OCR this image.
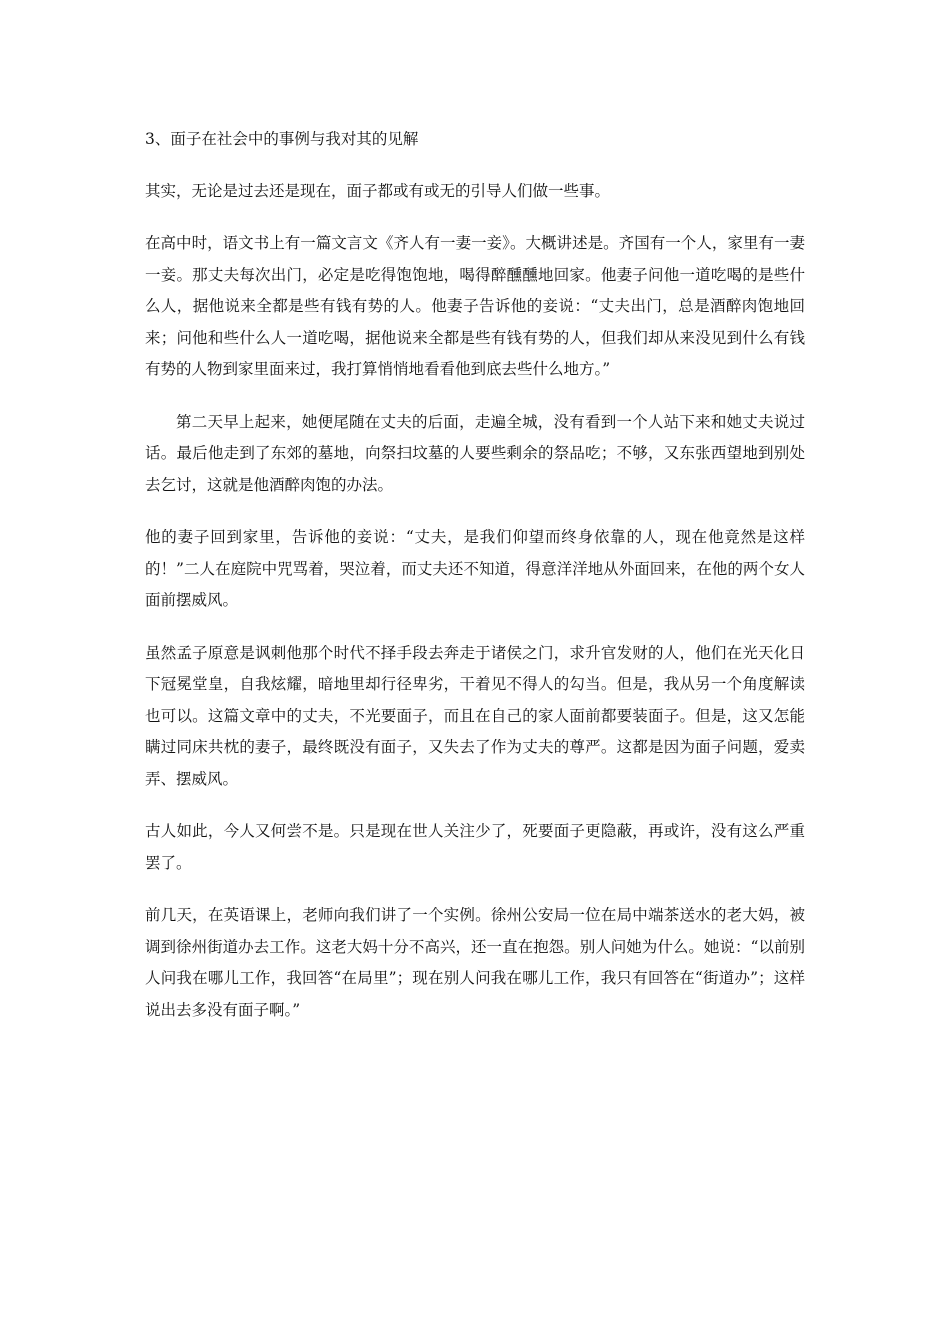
3、面子在社会中的事例与我对其的见解

其实，无论是过去还是现在，面子都或有或无的引导人们做一些事。

在高中时，语文书上有一篇文言文《齐人有一妻一妾》。大概讲述是。齐国有一个人，家里有一妻一妾。那丈夫每次出门，必定是吃得饱饱地，喝得醉醺醺地回家。他妻子问他一道吃喝的是些什么人，据他说来全都是些有钱有势的人。他妻子告诉他的妾说：“丈夫出门，总是酒醉肉饱地回来；问他和些什么人一道吃喝，据他说来全都是些有钱有势的人，但我们却从来没见到什么有钱有势的人物到家里面来过，我打算悄悄地看看他到底去些什么地方。”

第二天早上起来，她便尾随在丈夫的后面，走遍全城，没有看到一个人站下来和她丈夫说过话。最后他走到了东郊的墓地，向祭扫坟墓的人要些剩余的祭品吃；不够，又东张西望地到别处去乞讨，这就是他酒醉肉饱的办法。

他的妻子回到家里，告诉他的妾说：“丈夫，是我们仰望而终身依靠的人，现在他竟然是这样的！”二人在庭院中咒骂着，哭泣着，而丈夫还不知道，得意洋洋地从外面回来，在他的两个女人面前摆威风。

虽然孟子原意是讽刺他那个时代不择手段去奔走于诸侯之门，求升官发财的人，他们在光天化日下冠冕堂皇，自我炫耀，暗地里却行径卑劣，干着见不得人的勾当。但是，我从另一个角度解读也可以。这篇文章中的丈夫，不光要面子，而且在自己的家人面前都要装面子。但是，这又怎能瞒过同床共枕的妻子，最终既没有面子，又失去了作为丈夫的尊严。这都是因为面子问题，爱卖弄、摆威风。

古人如此，今人又何尝不是。只是现在世人关注少了，死要面子更隐蔽，再或许，没有这么严重罢了。

前几天，在英语课上，老师向我们讲了一个实例。徐州公安局一位在局中端茶送水的老大妈，被调到徐州街道办去工作。这老大妈十分不高兴，还一直在抱怨。别人问她为什么。她说：“以前别人问我在哪儿工作，我回答“在局里”；现在别人问我在哪儿工作，我只有回答在“街道办”；这样说出去多没有面子啊。”
